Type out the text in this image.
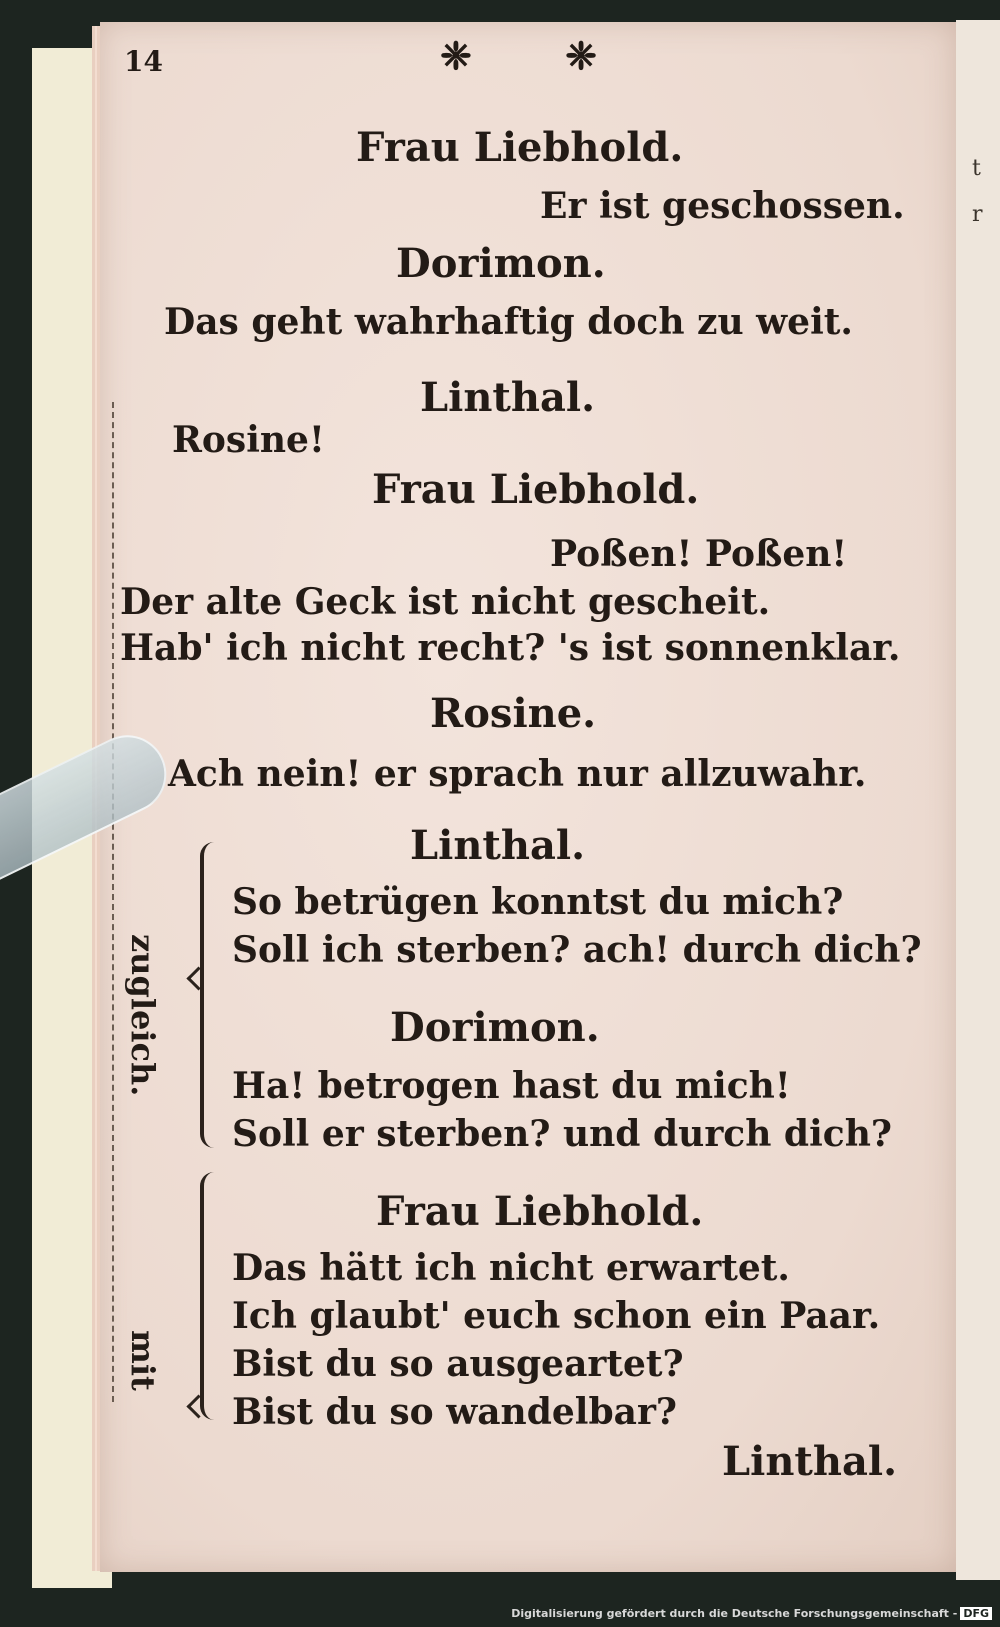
t
r

14	❈ ❈

Frau Liebhold.

Er ist geschossen.

Dorimon.

Das geht wahrhaftig doch zu weit.

Linthal.

Rosine!

Frau Liebhold.

Poßen! Poßen!

Der alte Geck ist nicht gescheit.

Hab' ich nicht recht? 's ist sonnenklar.

Rosine.

Ach nein! er sprach nur allzuwahr.

zugleich.

Linthal.

So betrügen konntst du mich?

Soll ich sterben? ach! durch dich?

Dorimon.

Ha! betrogen hast du mich!

Soll er sterben? und durch dich?

mit

Frau Liebhold.

Das hätt ich nicht erwartet.

Ich glaubt' euch schon ein Paar.

Bist du so ausgeartet?

Bist du so wandelbar?

Linthal.

Digitalisierung gefördert durch die Deutsche Forschungsgemeinschaft - DFG
